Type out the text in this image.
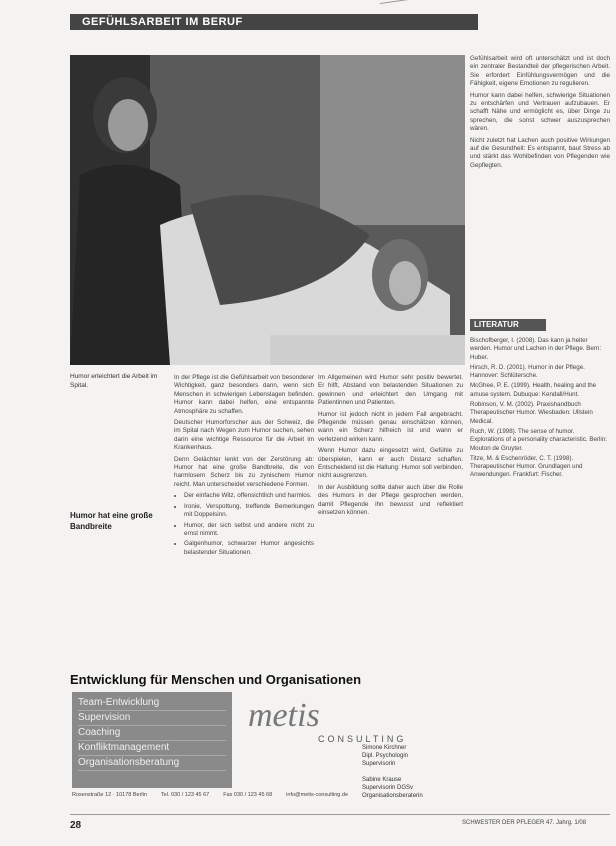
GEFÜHLSARBEIT IM BERUF
Humor erleichtert die Arbeit im Spital.
Humor hat eine große Bandbreite

In der Pflege ist die Gefühlsarbeit von besonderer Wichtigkeit, ganz besonders dann, wenn sich Menschen in schwierigen Lebenslagen befinden. Humor kann dabei helfen, eine entspannte Atmosphäre zu schaffen.

Deutscher Humorforscher aus der Schweiz, die im Spital nach Wegen zum Humor suchen, sehen darin eine wichtige Ressource für die Arbeit im Krankenhaus.

Denn Gelächter lenkt von der Zerstörung ab: Humor hat eine große Bandbreite, die von harmlosem Scherz bis zu zynischem Humor reicht. Man unterscheidet verschiedene Formen.

• Der einfache Witz, offensichtlich und harmlos.
• Ironie, Verspottung, treffende Bemerkungen mit Doppelsinn.
• Humor, der sich selbst und andere nicht zu ernst nimmt.
• Galgenhumor, schwarzer Humor angesichts belastender Situationen.

Im Allgemeinen wird Humor sehr positiv bewertet. Er hilft, Abstand von belastenden Situationen zu gewinnen und erleichtert den Umgang mit Patientinnen und Patienten.

Humor ist jedoch nicht in jedem Fall angebracht. Pflegende müssen genau einschätzen können, wann ein Scherz hilfreich ist und wann er verletzend wirken kann.

Wenn Humor dazu eingesetzt wird, Gefühle zu überspielen, kann er auch Distanz schaffen. Entscheidend ist die Haltung: Humor soll verbinden, nicht ausgrenzen.

In der Ausbildung sollte daher auch über die Rolle des Humors in der Pflege gesprochen werden, damit Pflegende ihn bewusst und reflektiert einsetzen können.

Gefühlsarbeit wird oft unterschätzt und ist doch ein zentraler Bestandteil der pflegerischen Arbeit. Sie erfordert Einfühlungsvermögen und die Fähigkeit, eigene Emotionen zu regulieren.

Humor kann dabei helfen, schwierige Situationen zu entschärfen und Vertrauen aufzubauen. Er schafft Nähe und ermöglicht es, über Dinge zu sprechen, die sonst schwer auszusprechen wären.

Nicht zuletzt hat Lachen auch positive Wirkungen auf die Gesundheit: Es entspannt, baut Stress ab und stärkt das Wohlbefinden von Pflegenden wie Gepflegten.

LITERATUR

Bischofberger, I. (2008). Das kann ja heiter werden. Humor und Lachen in der Pflege. Bern: Huber.

Hirsch, R. D. (2001). Humor in der Pflege. Hannover: Schlütersche.

McGhee, P. E. (1999). Health, healing and the amuse system. Dubuque: Kendall/Hunt.

Robinson, V. M. (2002). Praxishandbuch Therapeutischer Humor. Wiesbaden: Ullstein Medical.

Ruch, W. (1998). The sense of humor. Explorations of a personality characteristic. Berlin: Mouton de Gruyter.

Titze, M. & Eschenröder, C. T. (1998). Therapeutischer Humor. Grundlagen und Anwendungen. Frankfurt: Fischer.

Entwicklung für Menschen und Organisationen
Team-Entwicklung
Supervision
Coaching
Konfliktmanagement
Organisationsberatung
metis
CONSULTING
Simone Kirchner
Dipl. Psychologin
Supervisorin

Sabine Krause
Supervisorin DGSv
Organisationsberaterin
Rosenstraße 12 · 10178 Berlin	Tel. 030 / 123 45 67	Fax 030 / 123 45 68	info@metis-consulting.de
28	SCHWESTER DER PFLEGER 47. Jahrg. 1/08
